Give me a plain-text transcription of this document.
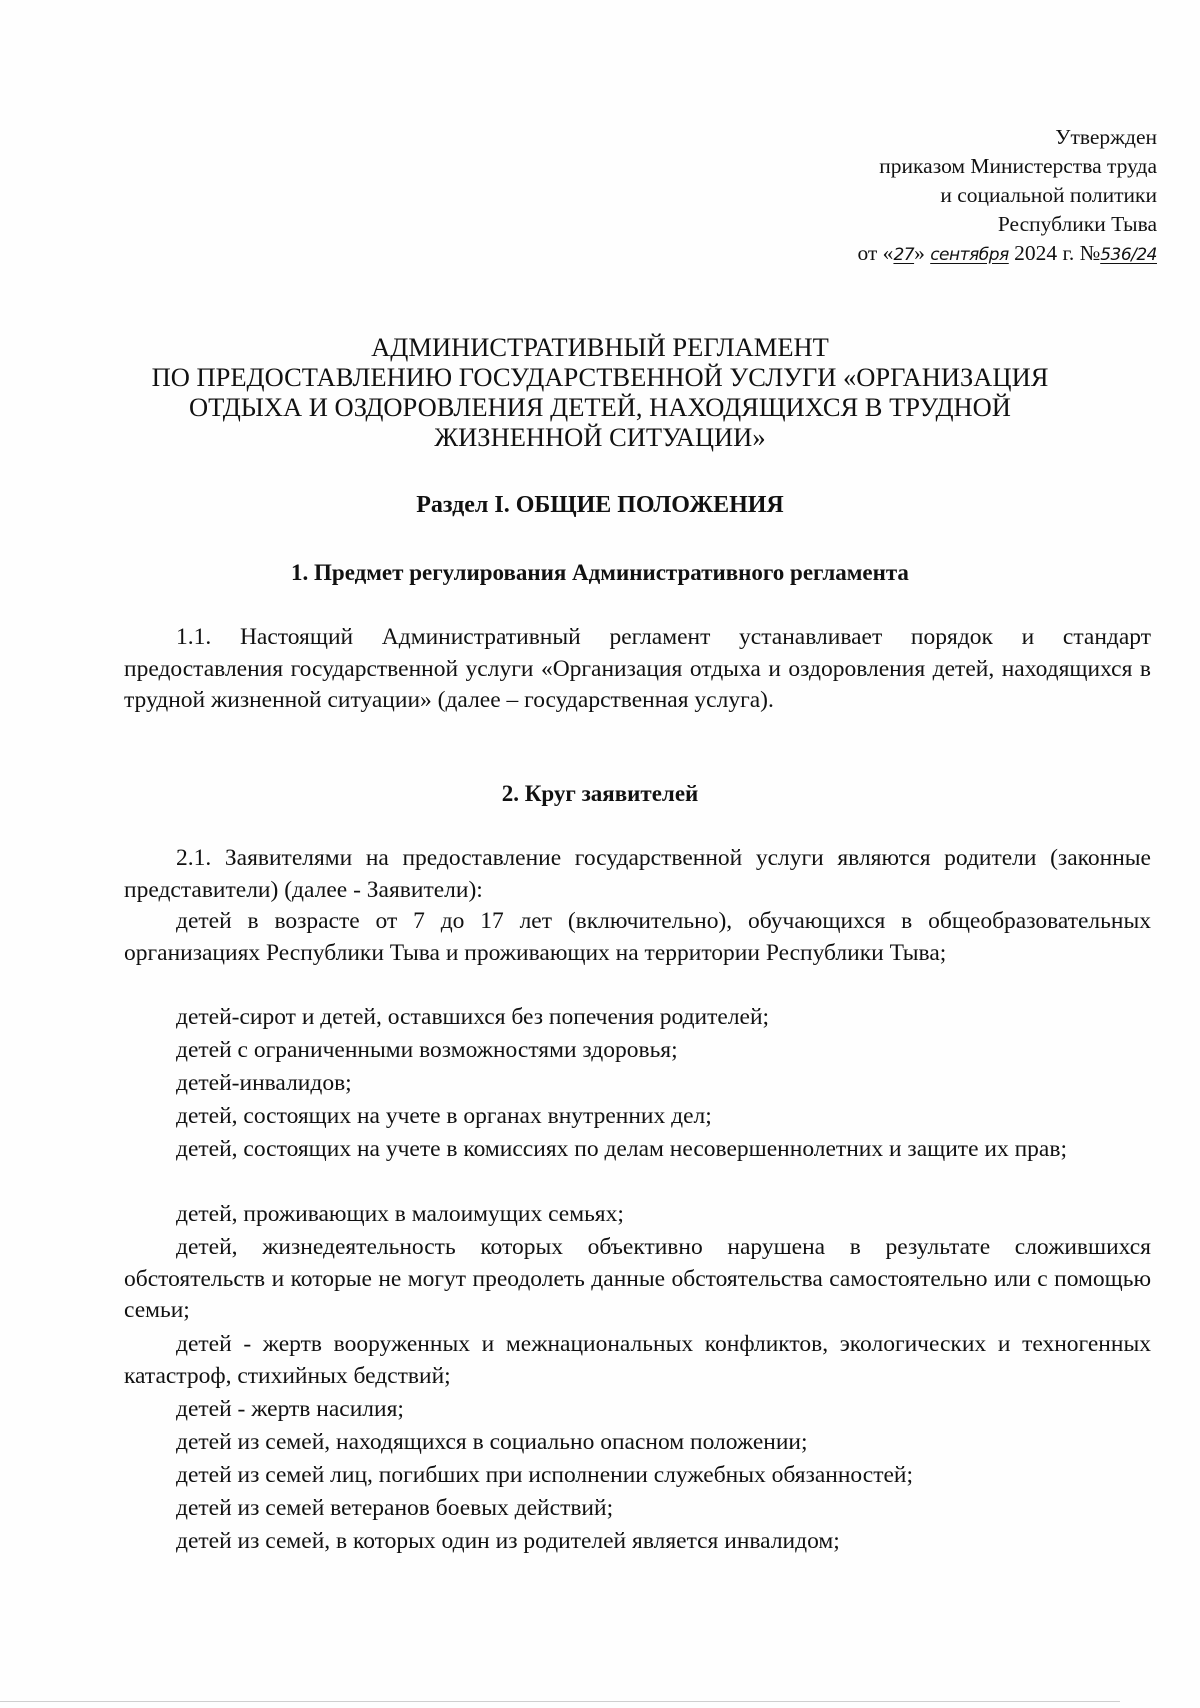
Утвержден
приказом Министерства труда
и социальной политики
Республики Тыва
от «27» сентября 2024 г. №536/24
АДМИНИСТРАТИВНЫЙ РЕГЛАМЕНТ
ПО ПРЕДОСТАВЛЕНИЮ ГОСУДАРСТВЕННОЙ УСЛУГИ «ОРГАНИЗАЦИЯ
ОТДЫХА И ОЗДОРОВЛЕНИЯ ДЕТЕЙ, НАХОДЯЩИХСЯ В ТРУДНОЙ
ЖИЗНЕННОЙ СИТУАЦИИ»
Раздел I. ОБЩИЕ ПОЛОЖЕНИЯ
1. Предмет регулирования Административного регламента
1.1. Настоящий Административный регламент устанавливает порядок и стандарт предоставления государственной услуги «Организация отдыха и оздоровления детей, находящихся в трудной жизненной ситуации» (далее – государственная услуга).
2. Круг заявителей
2.1. Заявителями на предоставление государственной услуги являются родители (законные представители) (далее - Заявители):
детей в возрасте от 7 до 17 лет (включительно), обучающихся в общеобразовательных организациях Республики Тыва и проживающих на территории Республики Тыва;
детей-сирот и детей, оставшихся без попечения родителей;
детей с ограниченными возможностями здоровья;
детей-инвалидов;
детей, состоящих на учете в органах внутренних дел;
детей, состоящих на учете в комиссиях по делам несовершеннолетних и защите их прав;
детей, проживающих в малоимущих семьях;
детей, жизнедеятельность которых объективно нарушена в результате сложившихся обстоятельств и которые не могут преодолеть данные обстоятельства самостоятельно или с помощью семьи;
детей - жертв вооруженных и межнациональных конфликтов, экологических и техногенных катастроф, стихийных бедствий;
детей - жертв насилия;
детей из семей, находящихся в социально опасном положении;
детей из семей лиц, погибших при исполнении служебных обязанностей;
детей из семей ветеранов боевых действий;
детей из семей, в которых один из родителей является инвалидом;
